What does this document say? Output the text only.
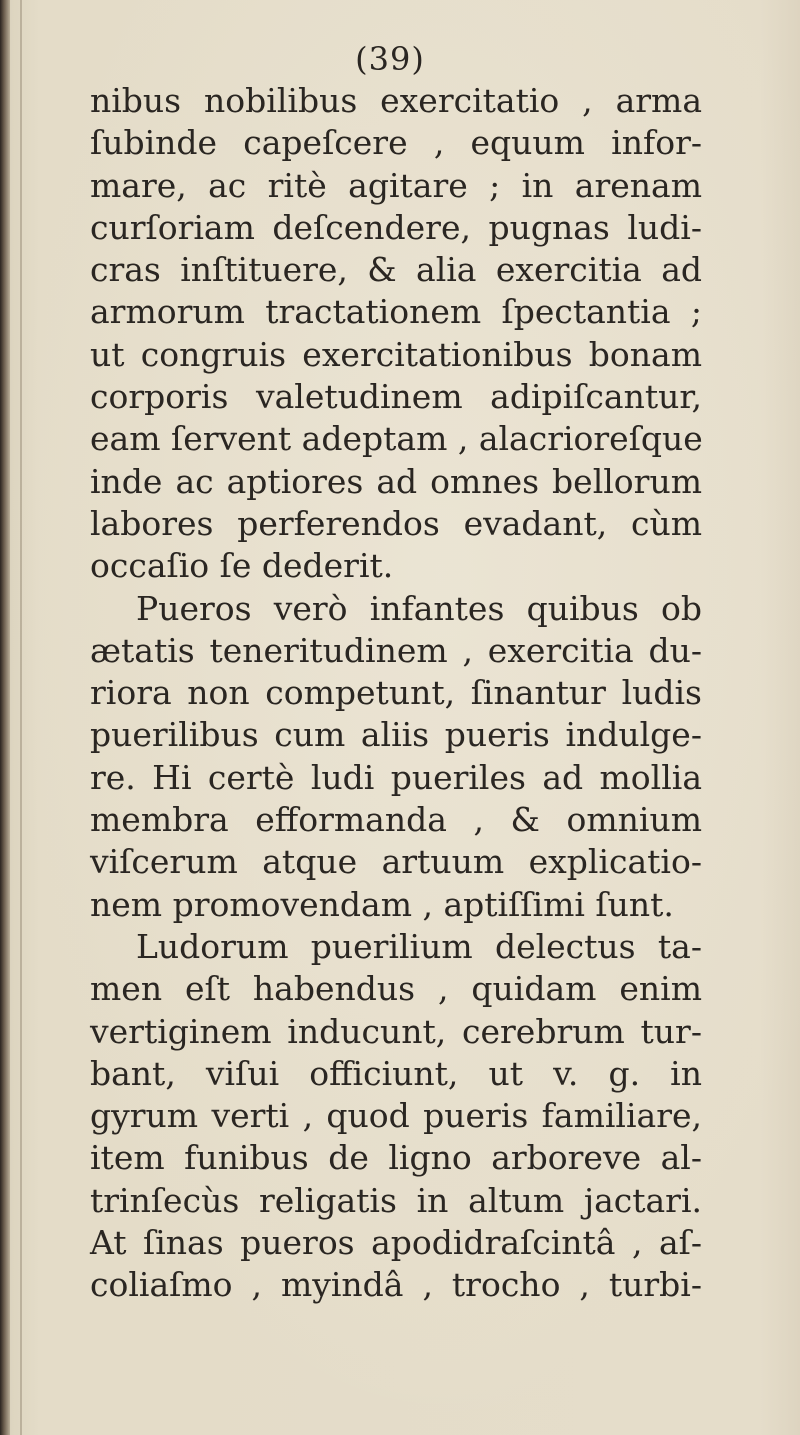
(39)
nibus nobilibus exercitatio , arma
ſubinde capeſcere , equum infor-
mare, ac ritè agitare ; in arenam
curſoriam deſcendere, pugnas ludi-
cras inſtituere, & alia exercitia ad
armorum tractationem ſpectantia ;
ut congruis exercitationibus bonam
corporis valetudinem adipiſcantur,
eam ſervent adeptam , alacrioreſque
inde ac aptiores ad omnes bellorum
labores perferendos evadant, cùm
occaſio ſe dederit.
Pueros verò infantes quibus ob
ætatis teneritudinem , exercitia du-
riora non competunt, ſinantur ludis
puerilibus cum aliis pueris indulge-
re. Hi certè ludi pueriles ad mollia
membra efformanda , & omnium
viſcerum atque artuum explicatio-
nem promovendam , aptiſſimi ſunt.
Ludorum puerilium delectus ta-
men eſt habendus , quidam enim
vertiginem inducunt, cerebrum tur-
bant, viſui officiunt, ut v. g. in
gyrum verti , quod pueris familiare,
item funibus de ligno arboreve al-
trinſecùs religatis in altum jactari.
At ſinas pueros apodidraſcintâ , aſ-
coliaſmo , myindâ , trocho , turbi-
